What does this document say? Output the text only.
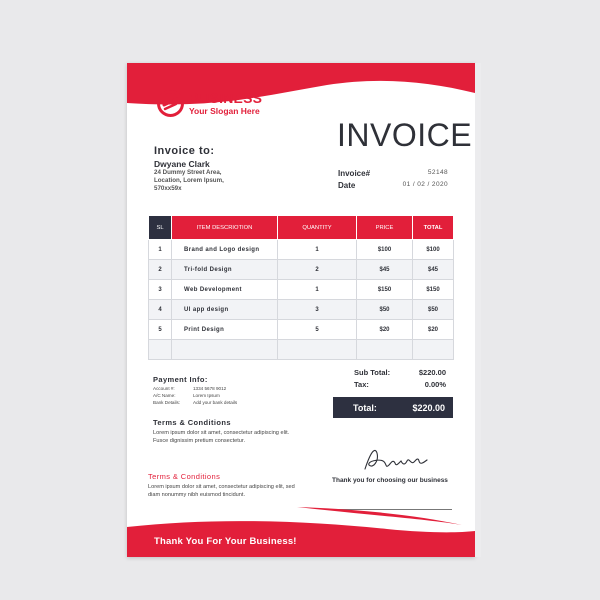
BUSINESS
Your Slogan Here
INVOICE
Invoice to:
Dwyane Clark
24 Dummy Street Area,
Location, Lorem Ipsum,
570xx59x
Invoice#	52148
Date	01 / 02 / 2020
SL	ITEM DESCRIOTION	QUANTITY	PRICE	TOTAL
1	Brand and Logo design	1	$100	$100
2	Tri-fold Design	2	$45	$45
3	Web Development	1	$150	$150
4	UI app design	3	$50	$50
5	Print Design	5	$20	$20

Payment Info:
Account #:	1334 5678 9012
A/C Name:	Lorem Ipsum
Bank Details:	Add your bank details
Terms & Conditions
Lorem ipsum dolor sit amet, consectetur adipiscing elit. Fusce dignissim pretium consectetur.
Terms & Conditions
Lorem ipsum dolor sit amet, consectetur adipiscing elit, sed diam nonummy nibh euismod tincidunt.
Sub Total:	$220.00
Tax:	0.00%
Total:	$220.00
Thank you for choosing our business
Thank You For Your Business!
